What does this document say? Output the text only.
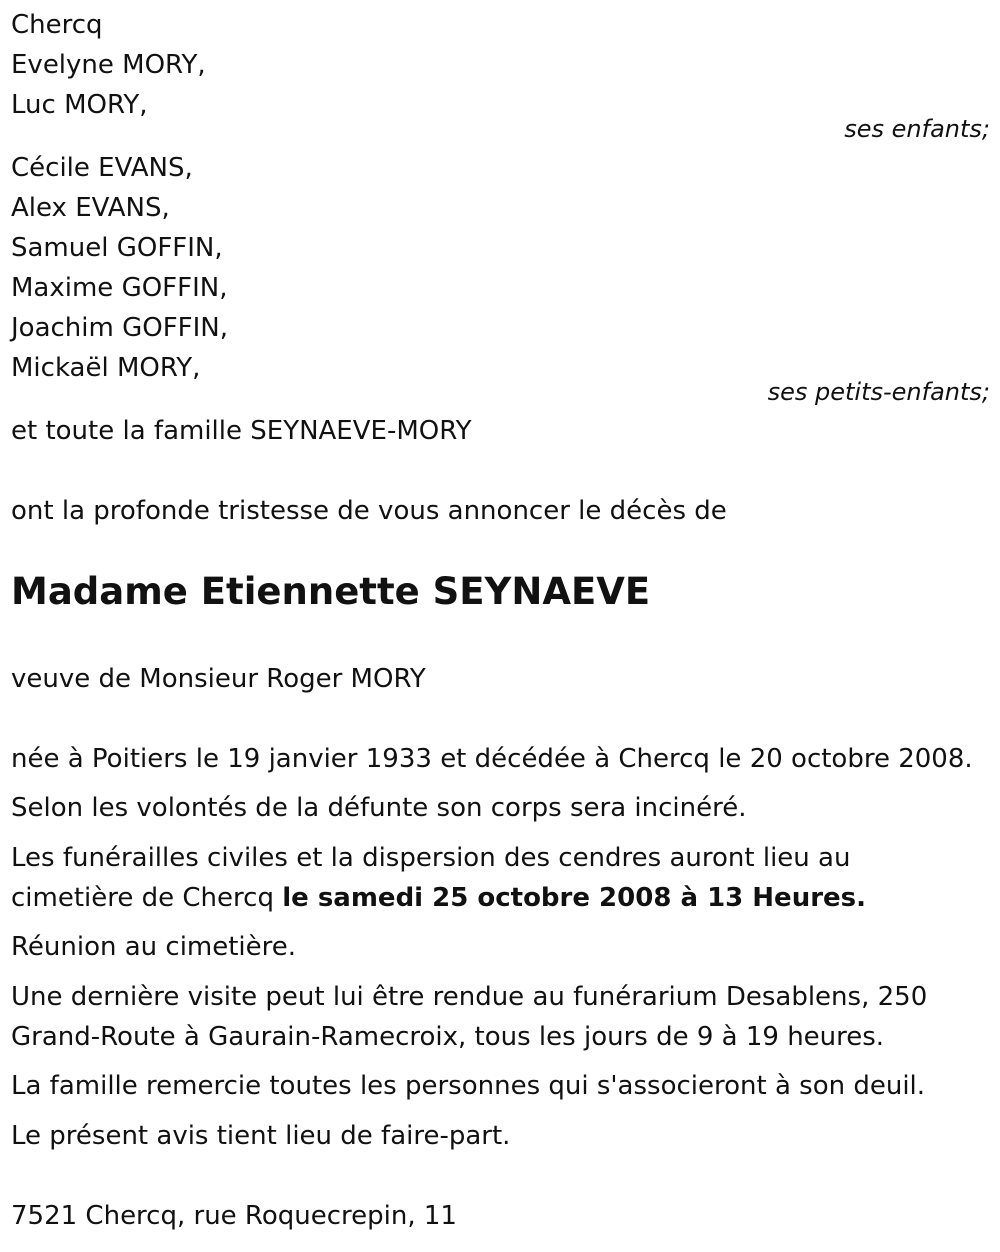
Chercq
Evelyne MORY,
Luc MORY,
ses enfants;
Cécile EVANS,
Alex EVANS,
Samuel GOFFIN,
Maxime GOFFIN,
Joachim GOFFIN,
Mickaël MORY,
ses petits-enfants;
et toute la famille SEYNAEVE-MORY
ont la profonde tristesse de vous annoncer le décès de
Madame Etiennette SEYNAEVE
veuve de Monsieur Roger MORY
née à Poitiers le 19 janvier 1933 et décédée à Chercq le 20 octobre 2008.
Selon les volontés de la défunte son corps sera incinéré.
Les funérailles civiles et la dispersion des cendres auront lieu au
cimetière de Chercq le samedi 25 octobre 2008 à 13 Heures.
Réunion au cimetière.
Une dernière visite peut lui être rendue au funérarium Desablens, 250
Grand-Route à Gaurain-Ramecroix, tous les jours de 9 à 19 heures.
La famille remercie toutes les personnes qui s'associeront à son deuil.
Le présent avis tient lieu de faire-part.
7521 Chercq, rue Roquecrepin, 11
